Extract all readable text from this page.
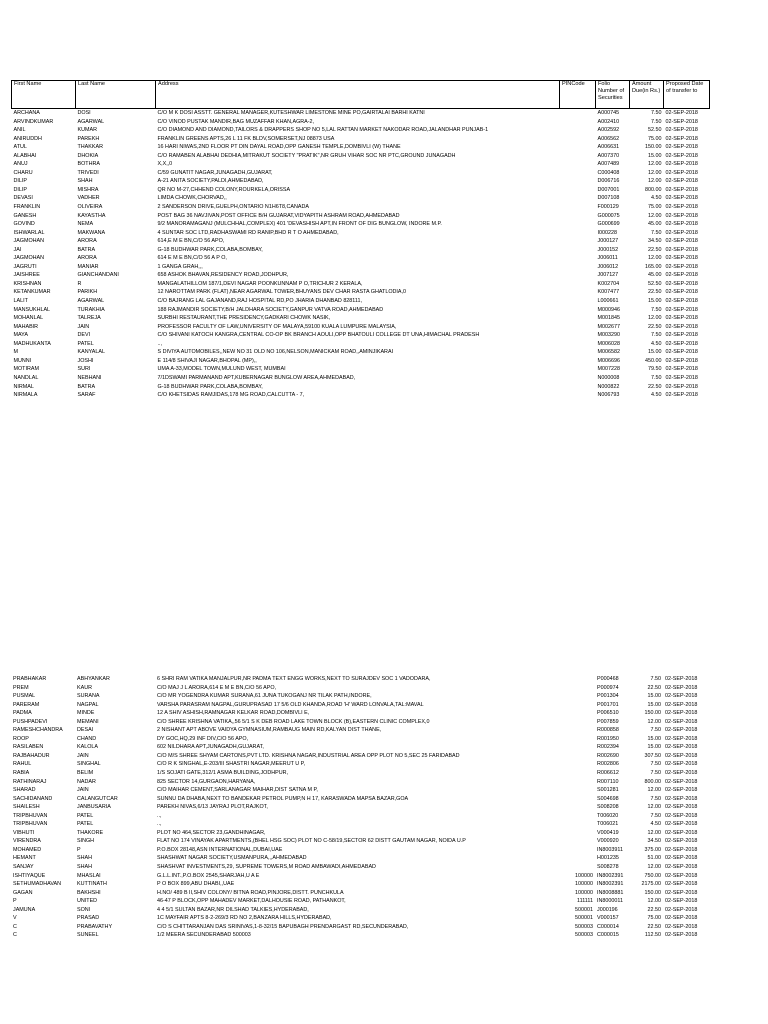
First Name	Last Name	Address	PINCode	Folio Number of Securities	Amount Due(in Rs.)	Proposed Date of transfer to
ARCHANA	DOSI	C/O M K DOSI ASSTT. GENERAL MANAGER,KUTESHWAR LIMESTONE MINE PO,GAIRTALAI BARHI KATNI		A000745	7.50	02-SEP-2018
ARVINDKUMAR	AGARWAL	C/O VINOD PUSTAK MANDIR,BAG MUZAFFAR KHAN,AGRA-2,		A002410	7.50	02-SEP-2018
ANIL	KUMAR	C/O DIAMOND AND DIAMOND,TAILORS & DRAPPERS SHOP NO 5,LAL RATTAN MARKET NAKODAR ROAD,JALANDHAR PUNJAB-1		A002592	52.50	02-SEP-2018
ANIRUDDH	PAREKH	FRANKLIN GREENS APTS,26 L 11 FK BLDV,SOMERSET,NJ 08873 USA		A006562	75.00	02-SEP-2018
ATUL	THAKKAR	16 HARI NIWAS,2ND FLOOR PT DIN DAYAL ROAD,OPP GANESH TEMPLE,DOMBIVLI (W) THANE		A006631	150.00	02-SEP-2018
ALABHAI	DHOKIA	C/O RAMABEN ALABHAI DEDHIA,MITRAKUT SOCIETY "PRATIK",NR GRUH VIHAR SOC NR PTC,GROUND JUNAGADH		A007370	15.00	02-SEP-2018
ANUJ	BOTHRA	X,X,,0		A007489	12.00	02-SEP-2018
CHARU	TRIVEDI	C/59 GUNATIT NAGAR,JUNAGADH,GUJARAT,		C000408	12.00	02-SEP-2018
DILIP	SHAH	A-21 ANITA SOCIETY,PALDI,AHMEDABAD,		D006716	12.00	02-SEP-2018
DILIP	MISHRA	QR NO M-27,CHHEND COLONY,ROURKELA,ORISSA		D007001	800.00	02-SEP-2018
DEVASI	VADHER	LIMDA CHOWK,CHORVAD,,		D007108	4.50	02-SEP-2018
FRANKLIN	OLIVEIRA	2 SANDERSON DRIVE,GUELPH,ONTARIO N1H6T8,CANADA		F000129	75.00	02-SEP-2018
GANESH	KAYASTHA	POST BAG 36 NAVJIVAN,POST OFFICE B/H GUJARAT,VIDYAPITH ASHRAM ROAD,AHMEDABAD		G000075	12.00	02-SEP-2018
GOVIND	NEMA	9/2 MANORAMAGANJ (MULCHHAL,COMPLEX) 401 'DEVASHISH APT,IN FRONT OF DIG BUNGLOW, INDORE M.P.		G000699	45.00	02-SEP-2018
ISHWARLAL	MAKWANA	4 SUNTAR SOC LTD,RADHASWAMI RD RANIP,BHD R T O AHMEDABAD,		I000228	7.50	02-SEP-2018
JAGMOHAN	ARORA	614,E M E BN,C/O 56 APO,		J000127	34.50	02-SEP-2018
JAI	BATRA	G-18 BUDHWAR PARK,COLABA,BOMBAY,		J000152	22.50	02-SEP-2018
JAGMOHAN	ARORA	614 E M E BN,C/O 56 A P O,		J006011	12.00	02-SEP-2018
JAGRUTI	MANIAR	1 GANGA GRAH,,,		J006012	165.00	02-SEP-2018
JAISHREE	GIANCHANDANI	658 ASHOK BHAVAN,RESIDENCY ROAD,JODHPUR,		J007127	45.00	02-SEP-2018
KRISHNAN	R	MANGALATHILLOM 187/1,DEVI NAGAR POONKUNNAM P O,TRICHUR 2 KERALA,		K002704	52.50	02-SEP-2018
KETANKUMAR	PARIKH	12 NAROTTAM PARK (FLAT),NEAR AGARWAL TOWER,BHUYANS DEV CHAR RASTA GHATLODIA,0		K007477	22.50	02-SEP-2018
LALIT	AGARWAL	C/O BAJRANG LAL GAJANAND,RAJ HOSPITAL RD,PO JHARIA DHANBAD 828111,		L000661	15.00	02-SEP-2018
MANSUKHLAL	TURAKHIA	188 RAJMANDIR SOCIETY,B/H JALDHARA SOCIETY,GANPUR VATVA ROAD,AHMEDABAD		M000946	7.50	02-SEP-2018
MOHANLAL	TALREJA	SURBHI RESTAURANT,THE PRESIDENCY,GADKARI CHOWK NASIK,		M001845	12.00	02-SEP-2018
MAHABIR	JAIN	PROFESSOR FACULTY OF LAW,UNIVERSITY OF MALAYA,59100 KUALA LUMPURE MALAYSIA,		M002677	22.50	02-SEP-2018
MAYA	DEVI	C/O SHIVANI KATOCH KANGRA,CENTRAL CO-OP BK BRANCH AOULI,OPP BHATOULI COLLEGE DT UNA,HIMACHAL PRADESH		M003290	7.50	02-SEP-2018
MADHUKANTA	PATEL	..,		M006028	4.50	02-SEP-2018
M	KANYALAL	S DIVIYA AUTOMOBILES,,NEW NO 31 OLD NO 106,NELSON,MANICKAM ROAD,,AMINJIKARAI		M006582	15.00	02-SEP-2018
MUNNI	JOSHI	E 114/8 SHIVAJI NAGAR,BHOPAL (MP),,		M006696	450.00	02-SEP-2018
MOTIRAM	SURI	UMA A-33,MODEL TOWN,MULUND WEST, MUMBAI		M007228	79.50	02-SEP-2018
NANDLAL	NEBHANI	7/1DSWAMI PARMANAND APT,KUBERNAGAR BUNGLOW AREA,AHMEDABAD,		N000008	7.50	02-SEP-2018
NIRMAL	BATRA	G-18 BUDHWAR PARK,COLABA,BOMBAY,		N000822	22.50	02-SEP-2018
NIRMALA	SARAF	C/O KHETSIDAS RAMJIDAS,178 MG ROAD,CALCUTTA - 7,		N006793	4.50	02-SEP-2018
PRABHAKAR	ABHYANKAR	6 SHRI RAM VATIKA MANJALPUR,NR PADMA TEXT ENGG WORKS,NEXT TO SURAJDEV SOC 1 VADODARA,		P000468	7.50	02-SEP-2018
PREM	KAUR	C/O MAJ J L ARORA,614 E M E BN,C/O 56 APO,		P000974	22.50	02-SEP-2018
PUSMAL	SURANA	C/O MR YOGENDRA KUMAR SURANA,61 JUNA TUKOGANJ NR TILAK PATH,INDORE,		P001304	15.00	02-SEP-2018
PARERAM	NAGPAL	VARSHA PARASRAM NAGPAL,GURUPRASAD 17 5/6 OLD KHANDA,ROAD 'H' WARD LONVALA,TAL:MAVAL		P001701	15.00	02-SEP-2018
PADMA	MINDE	12 A SHIV ASHISH,RAMNAGAR KELKAR ROAD,DOMBIVLI E,		P006510	150.00	02-SEP-2018
PUSHPADEVI	MEMANI	C/O SHREE KRISHNA VATIKA,,56 5/1 S K DEB ROAD LAKE TOWN BLOCK (B),EASTERN CLINIC COMPLEX,0		P007859	12.00	02-SEP-2018
RAMESHCHANDRA	DESAI	2 NISHANT APT ABOVE VAIDYA GYMNASIUM,RAMBAUG MAIN RD,KALYAN DIST THANE,		R000858	7.50	02-SEP-2018
ROOP	CHAND	DY GOC,HQ,29 INF DIV,C/O 56 APO,		R001950	15.00	02-SEP-2018
RASILABEN	KALOLA	602 NILDHARA APT,JUNAGADH,GUJARAT,		R002394	15.00	02-SEP-2018
RAJBAHADUR	JAIN	C/O M/S SHREE SHYAM CARTONS,PVT LTD. KRISHNA NAGAR,INDUSTRIAL AREA OPP PLOT NO 5,SEC 25 FARIDABAD		R002690	307.50	02-SEP-2018
RAHUL	SINGHAL	C/O R K SINGHAL,E-203/III SHASTRI NAGAR,MEERUT U P,		R002806	7.50	02-SEP-2018
RABIA	BELIM	1/S SOJATI GATE,312/1 ASMA BUILDING,JODHPUR,		R006612	7.50	02-SEP-2018
RATHINARAJ	NADAR	825 SECTOR 14,GURGAON,HARYANA,		R007110	800.00	02-SEP-2018
SHARAD	JAIN	C/O MAIHAR CEMENT,SARLANAGAR MAIHAR,DIST SATNA M P,		S001281	12.00	02-SEP-2018
SACHIDANAND	CALANGUTCAR	SUNNU DA DHABA,NEXT TO BANDEKAR PETROL PUMP,N H 17, KARASWADA MAPSA BAZAR,GOA		S004698	7.50	02-SEP-2018
SHAILESH	JANBUSARIA	PAREKH NIVAS,6/13 JAYRAJ PLOT,RAJKOT,		S008208	12.00	02-SEP-2018
TRIPBHUVAN	PATEL	..,		T006020	7.50	02-SEP-2018
TRIPBHUVAN	PATEL	..,		T006021	4.50	02-SEP-2018
VIBHUTI	THAKORE	PLOT NO 464,SECTOR 23,GANDHINAGAR,		V000419	12.00	02-SEP-2018
VIRENDRA	SINGH	FLAT NO 174 VINAYAK APARTMENTS,(BHEL HSG SOC) PLOT NO C-58/19,SECTOR 62 DISTT GAUTAM NAGAR, NOIDA U.P		V000920	34.50	02-SEP-2018
MOHAMED	P	P.O.BOX 28148,ASN INTERNATIONAL,DUBAI,UAE		IN8003911	375.00	02-SEP-2018
HEMANT	SHAH	SHASHWAT NAGAR SOCIETY,USMANPURA,,,AHMEDABAD		H001235	51.00	02-SEP-2018
SANJAY	SHAH	SHASHVAT INVESTMENTS,29, SUPREME TOWERS,M ROAD AMBAWADI,AHMEDABAD		S008278	12.00	02-SEP-2018
ISHTIYAQUE	MHASLAI	G.L.L.INT.,P.O.BOX 2545,SHARJAH,U A E	100000	IN8002391	750.00	02-SEP-2018
SETHUMADHAVAN	KUTTINATH	P O BOX 899,ABU DHABI,,UAE	100000	IN8002391	2175.00	02-SEP-2018
GAGAN	BAKHSHI	H.NO/ 489 B II,SHIV COLONY/ BITNA ROAD,PINJORE,DISTT. PUNCHKULA	100000	IN8008881	150.00	02-SEP-2018
P	UNITED	46-47 P BLOCK,OPP MAHADEV MARKET,DALHOUSIE ROAD, PATHANKOT,	111111	IN8000011	12.00	02-SEP-2018
JAMUNA	SONI	4 4 5/1 SULTAN BAZAR,NR DILSHAD TALKIES,HYDERABAD,	500001	J000196	22.50	02-SEP-2018
V	PRASAD	1C MAYFAIR APTS 8-2-269/3 RD NO 2,BANZARA HILLS,HYDERABAD,	500001	V000157	75.00	02-SEP-2018
C	PRABAVATHY	C/O S CHITTARANJAN DAS SRINIVAS,1-8-32/15 BAPUBAGH PRENDARGAST RD,SECUNDERABAD,	500003	C000014	22.50	02-SEP-2018
C	SUNEEL	1/2 MEERA SECUNDERABAD 500003	500003	C000015	112.50	02-SEP-2018
